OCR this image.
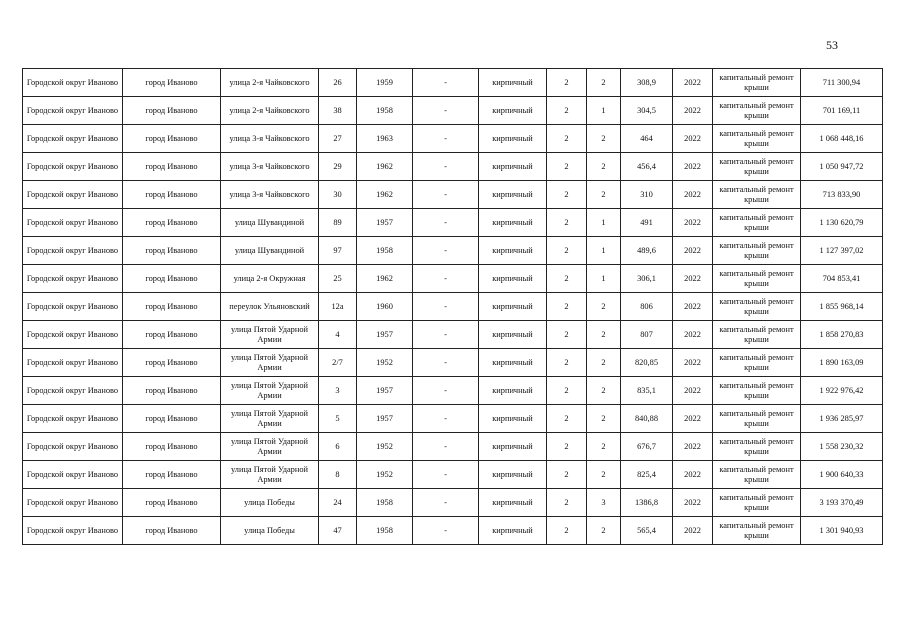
53
Городской округ Иваново	город Иваново	улица 2-я Чайковского	26	1959	-	кирпичный	2	2	308,9	2022	капитальный ремонт крыши	711 300,94
Городской округ Иваново	город Иваново	улица 2-я Чайковского	38	1958	-	кирпичный	2	1	304,5	2022	капитальный ремонт крыши	701 169,11
Городской округ Иваново	город Иваново	улица 3-я Чайковского	27	1963	-	кирпичный	2	2	464	2022	капитальный ремонт крыши	1 068 448,16
Городской округ Иваново	город Иваново	улица 3-я Чайковского	29	1962	-	кирпичный	2	2	456,4	2022	капитальный ремонт крыши	1 050 947,72
Городской округ Иваново	город Иваново	улица 3-я Чайковского	30	1962	-	кирпичный	2	2	310	2022	капитальный ремонт крыши	713 833,90
Городской округ Иваново	город Иваново	улица Шувандиной	89	1957	-	кирпичный	2	1	491	2022	капитальный ремонт крыши	1 130 620,79
Городской округ Иваново	город Иваново	улица Шувандиной	97	1958	-	кирпичный	2	1	489,6	2022	капитальный ремонт крыши	1 127 397,02
Городской округ Иваново	город Иваново	улица 2-я Окружная	25	1962	-	кирпичный	2	1	306,1	2022	капитальный ремонт крыши	704 853,41
Городской округ Иваново	город Иваново	переулок Ульяновский	12а	1960	-	кирпичный	2	2	806	2022	капитальный ремонт крыши	1 855 968,14
Городской округ Иваново	город Иваново	улица Пятой Ударной Армии	4	1957	-	кирпичный	2	2	807	2022	капитальный ремонт крыши	1 858 270,83
Городской округ Иваново	город Иваново	улица Пятой Ударной Армии	2/7	1952	-	кирпичный	2	2	820,85	2022	капитальный ремонт крыши	1 890 163,09
Городской округ Иваново	город Иваново	улица Пятой Ударной Армии	3	1957	-	кирпичный	2	2	835,1	2022	капитальный ремонт крыши	1 922 976,42
Городской округ Иваново	город Иваново	улица Пятой Ударной Армии	5	1957	-	кирпичный	2	2	840,88	2022	капитальный ремонт крыши	1 936 285,97
Городской округ Иваново	город Иваново	улица Пятой Ударной Армии	6	1952	-	кирпичный	2	2	676,7	2022	капитальный ремонт крыши	1 558 230,32
Городской округ Иваново	город Иваново	улица Пятой Ударной Армии	8	1952	-	кирпичный	2	2	825,4	2022	капитальный ремонт крыши	1 900 640,33
Городской округ Иваново	город Иваново	улица Победы	24	1958	-	кирпичный	2	3	1386,8	2022	капитальный ремонт крыши	3 193 370,49
Городской округ Иваново	город Иваново	улица Победы	47	1958	-	кирпичный	2	2	565,4	2022	капитальный ремонт крыши	1 301 940,93
